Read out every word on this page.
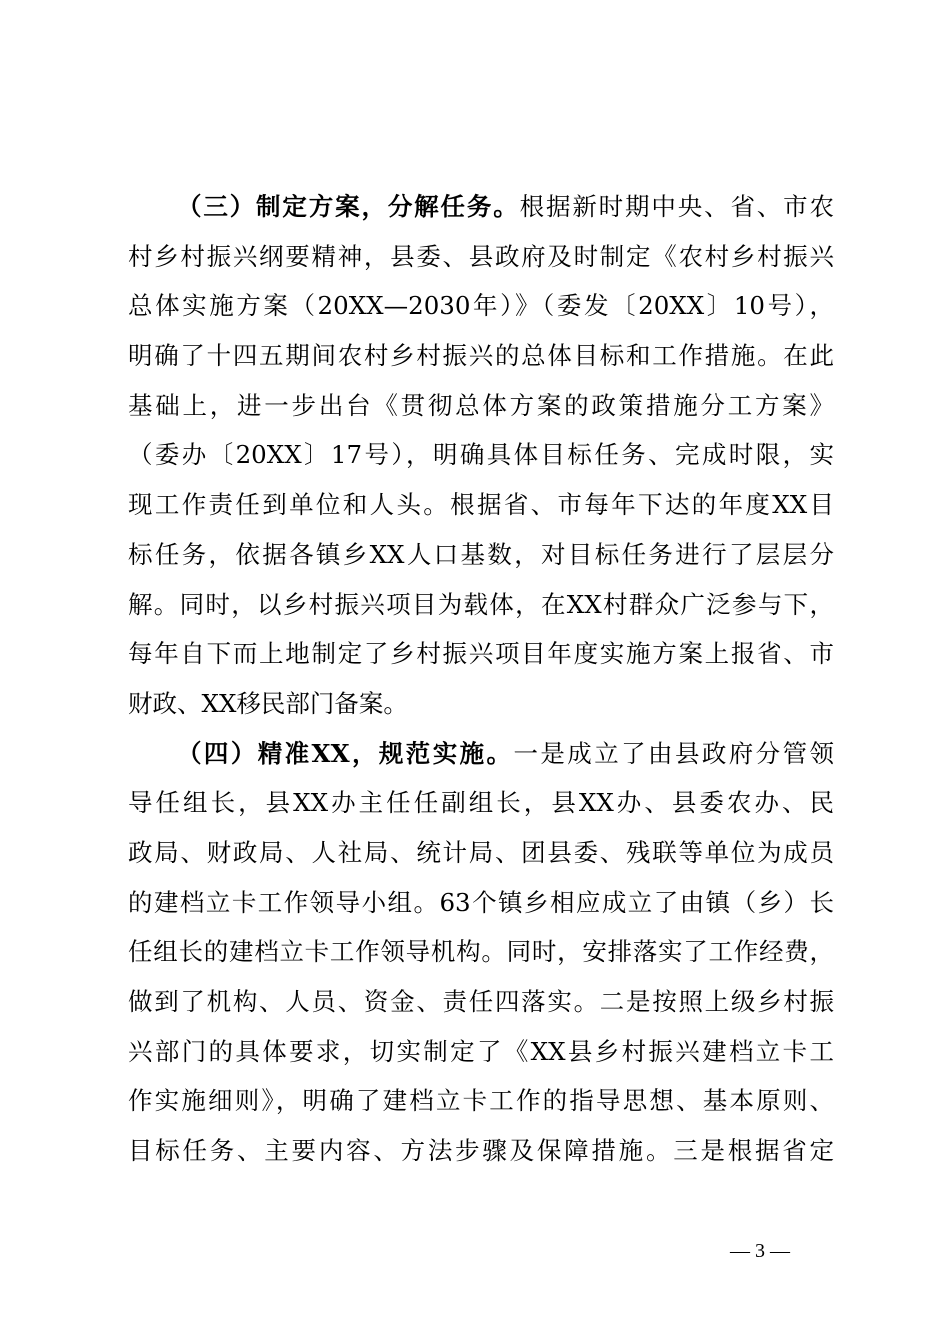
（三）制定方案，分解任务。根据新时期中央、省、市农
村乡村振兴纲要精神，县委、县政府及时制定《农村乡村振兴
总体实施方案（20XX—2030年）》（委发〔20XX〕10号），
明确了十四五期间农村乡村振兴的总体目标和工作措施。在此
基础上，进一步出台《贯彻总体方案的政策措施分工方案》
（委办〔20XX〕17号），明确具体目标任务、完成时限，实
现工作责任到单位和人头。根据省、市每年下达的年度XX目
标任务，依据各镇乡XX人口基数，对目标任务进行了层层分
解。同时，以乡村振兴项目为载体，在XX村群众广泛参与下，
每年自下而上地制定了乡村振兴项目年度实施方案上报省、市
财政、XX移民部门备案。
（四）精准XX，规范实施。一是成立了由县政府分管领
导任组长，县XX办主任任副组长，县XX办、县委农办、民
政局、财政局、人社局、统计局、团县委、残联等单位为成员
的建档立卡工作领导小组。63个镇乡相应成立了由镇（乡）长
任组长的建档立卡工作领导机构。同时，安排落实了工作经费，
做到了机构、人员、资金、责任四落实。二是按照上级乡村振
兴部门的具体要求，切实制定了《XX县乡村振兴建档立卡工
作实施细则》，明确了建档立卡工作的指导思想、基本原则、
目标任务、主要内容、方法步骤及保障措施。三是根据省定
— 3 —
